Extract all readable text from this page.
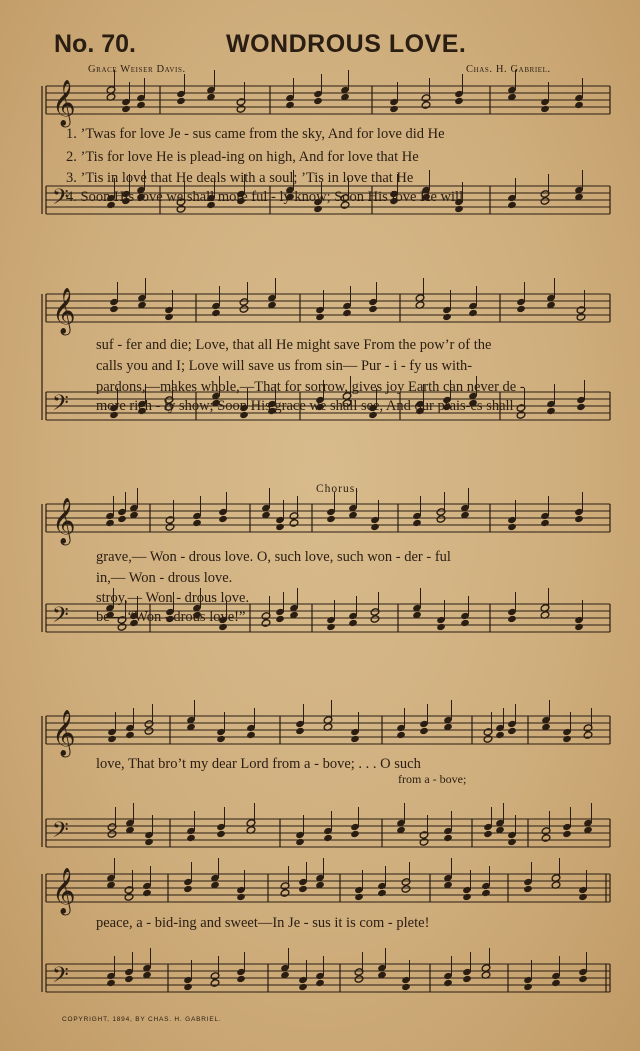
No. 70.	WONDROUS LOVE.
Grace Weiser Davis.	Chas. H. Gabriel.
𝄞
𝄢
𝄞
𝄢
𝄞
𝄢
𝄞
𝄢
𝄞
𝄢
1. ’Twas for love Je - sus came from the sky, And for love did He
2. ’Tis for love He is plead-ing on high, And for love that He
3. ’Tis in love that He deals with a soul; ’Tis in love that He
4. Soon His love we shall more ful - ly know; Soon His love He will
suf - fer and die; Love, that all He might save From the pow’r of the
calls you and I; Love will save us from sin— Pur - i - fy us with-
pardons,—makes whole,—That for sorrow, gives joy Earth can never de -
more rich - ly show; Soon His grace we shall see, And our prais-es shall
Chorus.
grave,— Won - drous love. O, such love, such won - der - ful
in,— Won - drous love.
stroy,— Won - drous love.
be— “Won - drous love!”
love, That bro’t my dear Lord from a - bove; . . . O such
from a - bove;
peace, a - bid-ing and sweet—In Je - sus it is com - plete!
COPYRIGHT, 1894, BY CHAS. H. GABRIEL.
